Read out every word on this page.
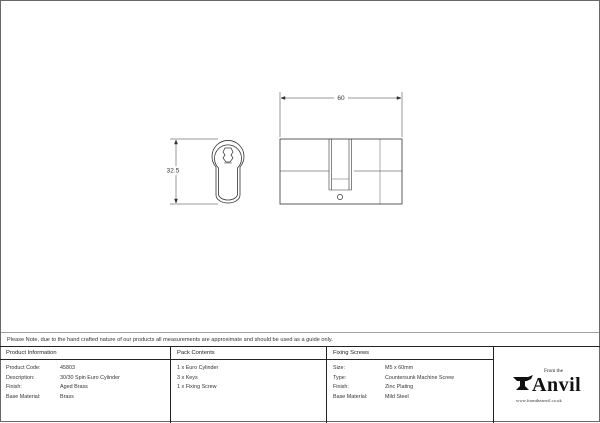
32.5
60
Please Note, due to the hand crafted nature of our products all measurements are approximate and should be used as a guide only.
Product Information
Product Code:	45803
Description:	30/30 Spin Euro Cylinder
Finish:	Aged Brass
Base Material:	Brass
Pack Contents
1 x Euro Cylinder
3 x Keys
1 x Fixing Screw
Fixing Screws
Size:	M5 x 60mm
Type:	Countersunk Machine Screw
Finish:	Zinc Plating
Base Material:	Mild Steel
From the
Anvil
www.fromtheanvil.co.uk
